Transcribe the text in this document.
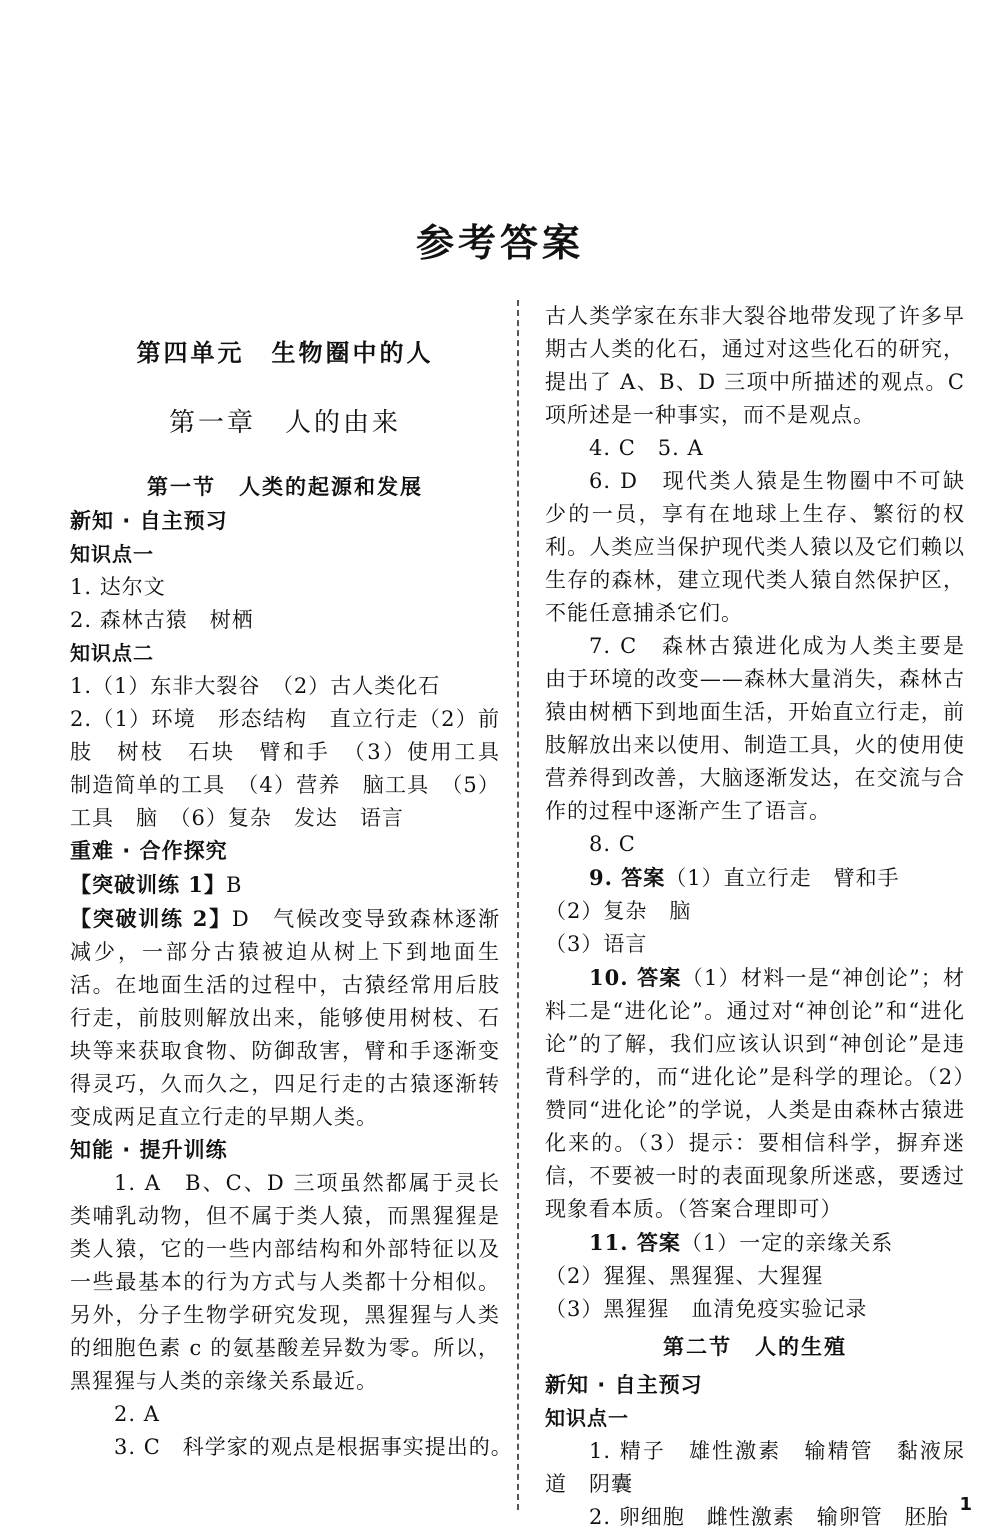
参考答案
第四单元　生物圈中的人
第一章　人的由来
第一节　人类的起源和发展
新知 · 自主预习
知识点一
1. 达尔文
2. 森林古猿　树栖
知识点二
1.（1）东非大裂谷　（2）古人类化石
2.（1）环境　形态结构　直立行走（2）前肢　树枝　石块　臂和手　（3）使用工具　制造简单的工具　（4）营养　脑工具　（5）工具　脑　（6）复杂　发达　语言
重难 · 合作探究
【突破训练 1】B
【突破训练 2】D　气候改变导致森林逐渐减少，一部分古猿被迫从树上下到地面生活。在地面生活的过程中，古猿经常用后肢行走，前肢则解放出来，能够使用树枝、石块等来获取食物、防御敌害，臂和手逐渐变得灵巧，久而久之，四足行走的古猿逐渐转变成两足直立行走的早期人类。
知能 · 提升训练
1. A　B、C、D 三项虽然都属于灵长类哺乳动物，但不属于类人猿，而黑猩猩是类人猿，它的一些内部结构和外部特征以及一些最基本的行为方式与人类都十分相似。另外，分子生物学研究发现，黑猩猩与人类的细胞色素 c 的氨基酸差异数为零。所以，黑猩猩与人类的亲缘关系最近。
2. A
3. C　科学家的观点是根据事实提出的。
古人类学家在东非大裂谷地带发现了许多早期古人类的化石，通过对这些化石的研究，提出了 A、B、D 三项中所描述的观点。C 项所述是一种事实，而不是观点。
4. C　5. A
6. D　现代类人猿是生物圈中不可缺少的一员，享有在地球上生存、繁衍的权利。人类应当保护现代类人猿以及它们赖以生存的森林，建立现代类人猿自然保护区，不能任意捕杀它们。
7. C　森林古猿进化成为人类主要是由于环境的改变——森林大量消失，森林古猿由树栖下到地面生活，开始直立行走，前肢解放出来以使用、制造工具，火的使用使营养得到改善，大脑逐渐发达，在交流与合作的过程中逐渐产生了语言。
8. C
9. 答案（1）直立行走　臂和手
（2）复杂　脑
（3）语言
10. 答案（1）材料一是“神创论”；材料二是“进化论”。通过对“神创论”和“进化论”的了解，我们应该认识到“神创论”是违背科学的，而“进化论”是科学的理论。（2）赞同“进化论”的学说，人类是由森林古猿进化来的。（3）提示：要相信科学，摒弃迷信，不要被一时的表面现象所迷惑，要透过现象看本质。（答案合理即可）
11. 答案（1）一定的亲缘关系
（2）猩猩、黑猩猩、大猩猩
（3）黑猩猩　血清免疫实验记录
第二节　人的生殖
新知 · 自主预习
知识点一
1. 精子　雄性激素　输精管　黏液尿道　阴囊
2. 卵细胞　雌性激素　输卵管　胚胎
1
